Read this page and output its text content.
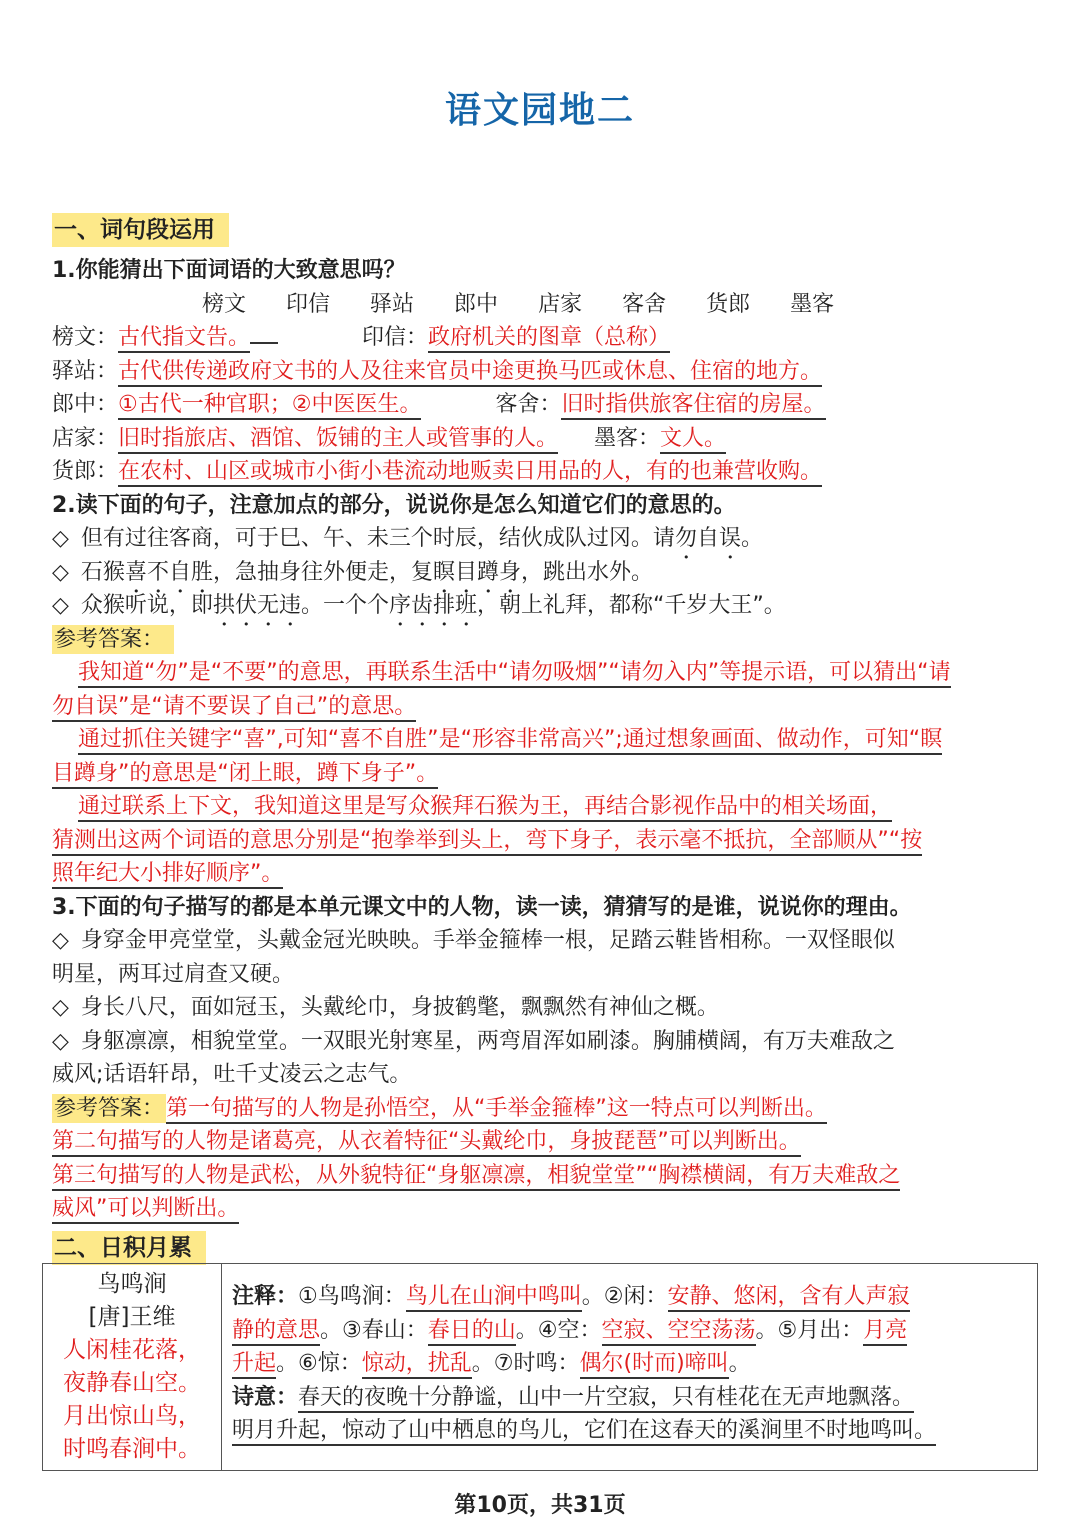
语文园地二
一、词句段运用
1.你能猜出下面词语的大致意思吗？
榜文 印信 驿站 郎中 店家 客舍 货郎 墨客
榜文：古代指文告。	印信：政府机关的图章（总称）
驿站：古代供传递政府文书的人及往来官员中途更换马匹或休息、住宿的地方。
郎中：①古代一种官职；②中医医生。	客舍：旧时指供旅客住宿的房屋。
店家：旧时指旅店、酒馆、饭铺的主人或管事的人。 墨客：文人。
货郎：在农村、山区或城市小街小巷流动地贩卖日用品的人，有的也兼营收购。
2.读下面的句子，注意加点的部分，说说你是怎么知道它们的意思的。
◇ 但有过往客商，可于巳、午、未三个时辰，结伙成队过冈。请勿自误。
◇ 石猴喜不自胜，急抽身往外便走，复瞑目蹲身，跳出水外。
◇ 众猴听说，即拱伏无违。一个个序齿排班，朝上礼拜，都称“千岁大王”。
参考答案：
我知道“勿”是“不要”的意思，再联系生活中“请勿吸烟”“请勿入内”等提示语，可以猜出“请
勿自误”是“请不要误了自己”的意思。
通过抓住关键字“喜”,可知“喜不自胜”是“形容非常高兴”;通过想象画面、做动作，可知“瞑
目蹲身”的意思是“闭上眼，蹲下身子”。
通过联系上下文，我知道这里是写众猴拜石猴为王，再结合影视作品中的相关场面，
猜测出这两个词语的意思分别是“抱拳举到头上，弯下身子，表示毫不抵抗，全部顺从”“按
照年纪大小排好顺序”。
3.下面的句子描写的都是本单元课文中的人物，读一读，猜猜写的是谁，说说你的理由。
◇ 身穿金甲亮堂堂，头戴金冠光映映。手举金箍棒一根，足踏云鞋皆相称。一双怪眼似
明星，两耳过肩查又硬。
◇ 身长八尺，面如冠玉，头戴纶巾，身披鹤氅，飘飘然有神仙之概。
◇ 身躯凛凛，相貌堂堂。一双眼光射寒星，两弯眉浑如刷漆。胸脯横阔，有万夫难敌之
威风;话语轩昂，吐千丈凌云之志气。
参考答案：第一句描写的人物是孙悟空，从“手举金箍棒”这一特点可以判断出。
第二句描写的人物是诸葛亮，从衣着特征“头戴纶巾，身披琵琶”可以判断出。
第三句描写的人物是武松，从外貌特征“身躯凛凛，相貌堂堂”“胸襟横阔，有万夫难敌之
威风”可以判断出。
二、日积月累
鸟鸣涧
[唐]王维
人闲桂花落，
夜静春山空。
月出惊山鸟，
时鸣春涧中。

注释：①鸟鸣涧：鸟儿在山涧中鸣叫。②闲：安静、悠闲，含有人声寂
静的意思。③春山：春日的山。④空：空寂、空空荡荡。⑤月出：月亮
升起。⑥惊：惊动，扰乱。⑦时鸣：偶尔(时而)啼叫。
诗意：春天的夜晚十分静谧，山中一片空寂，只有桂花在无声地飘落。
明月升起，惊动了山中栖息的鸟儿，它们在这春天的溪涧里不时地鸣叫。
第10页，共31页
